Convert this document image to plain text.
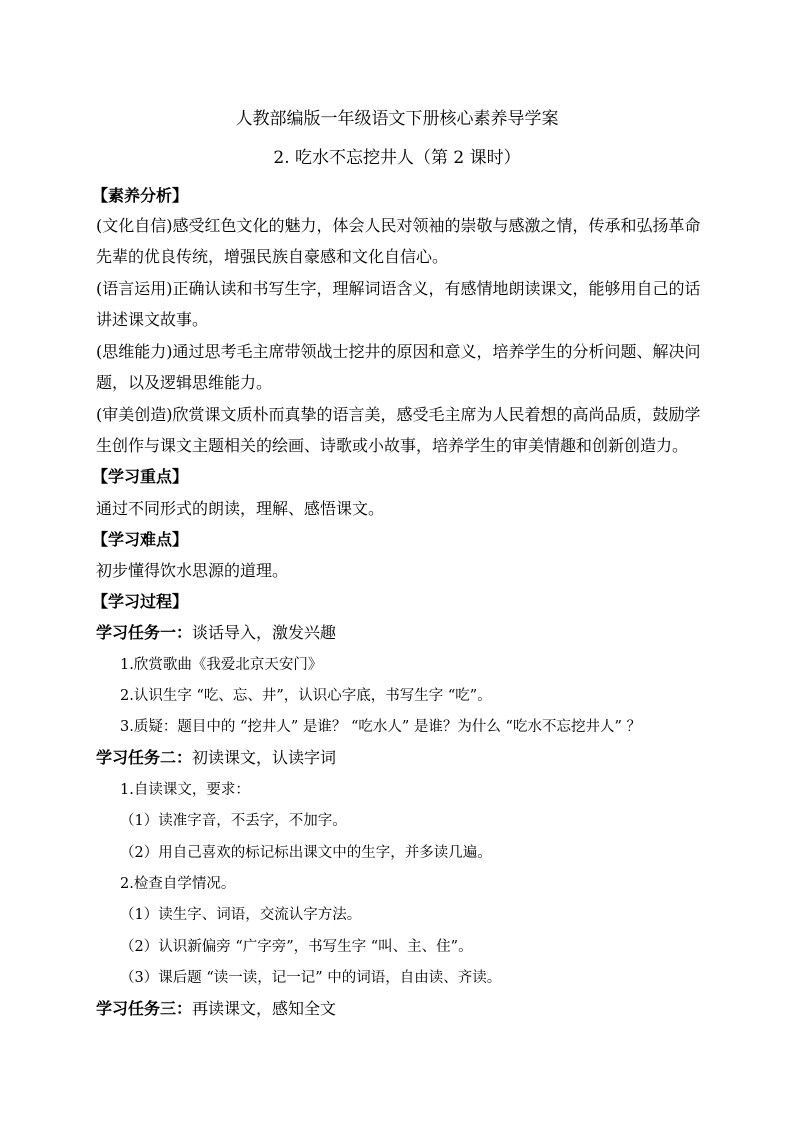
人教部编版一年级语文下册核心素养导学案
2. 吃水不忘挖井人（第 2 课时）
【素养分析】
(文化自信)感受红色文化的魅力，体会人民对领袖的崇敬与感激之情，传承和弘扬革命
先辈的优良传统，增强民族自豪感和文化自信心。
(语言运用)正确认读和书写生字，理解词语含义，有感情地朗读课文，能够用自己的话
讲述课文故事。
(思维能力)通过思考毛主席带领战士挖井的原因和意义，培养学生的分析问题、解决问
题，以及逻辑思维能力。
(审美创造)欣赏课文质朴而真挚的语言美，感受毛主席为人民着想的高尚品质，鼓励学
生创作与课文主题相关的绘画、诗歌或小故事，培养学生的审美情趣和创新创造力。
【学习重点】
通过不同形式的朗读，理解、感悟课文。
【学习难点】
初步懂得饮水思源的道理。
【学习过程】
学习任务一：谈话导入，激发兴趣
1.欣赏歌曲《我爱北京天安门》
2.认识生字 “吃、忘、井”，认识心字底，书写生字 “吃”。
3.质疑：题目中的 “挖井人” 是谁？ “吃水人” 是谁？为什么 “吃水不忘挖井人” ？
学习任务二：初读课文，认读字词
1.自读课文，要求：
（1）读准字音，不丢字，不加字。
（2）用自己喜欢的标记标出课文中的生字，并多读几遍。
2.检查自学情况。
（1）读生字、词语，交流认字方法。
（2）认识新偏旁 “广字旁”，书写生字 “叫、主、住”。
（3）课后题 “读一读，记一记” 中的词语，自由读、齐读。
学习任务三：再读课文，感知全文
